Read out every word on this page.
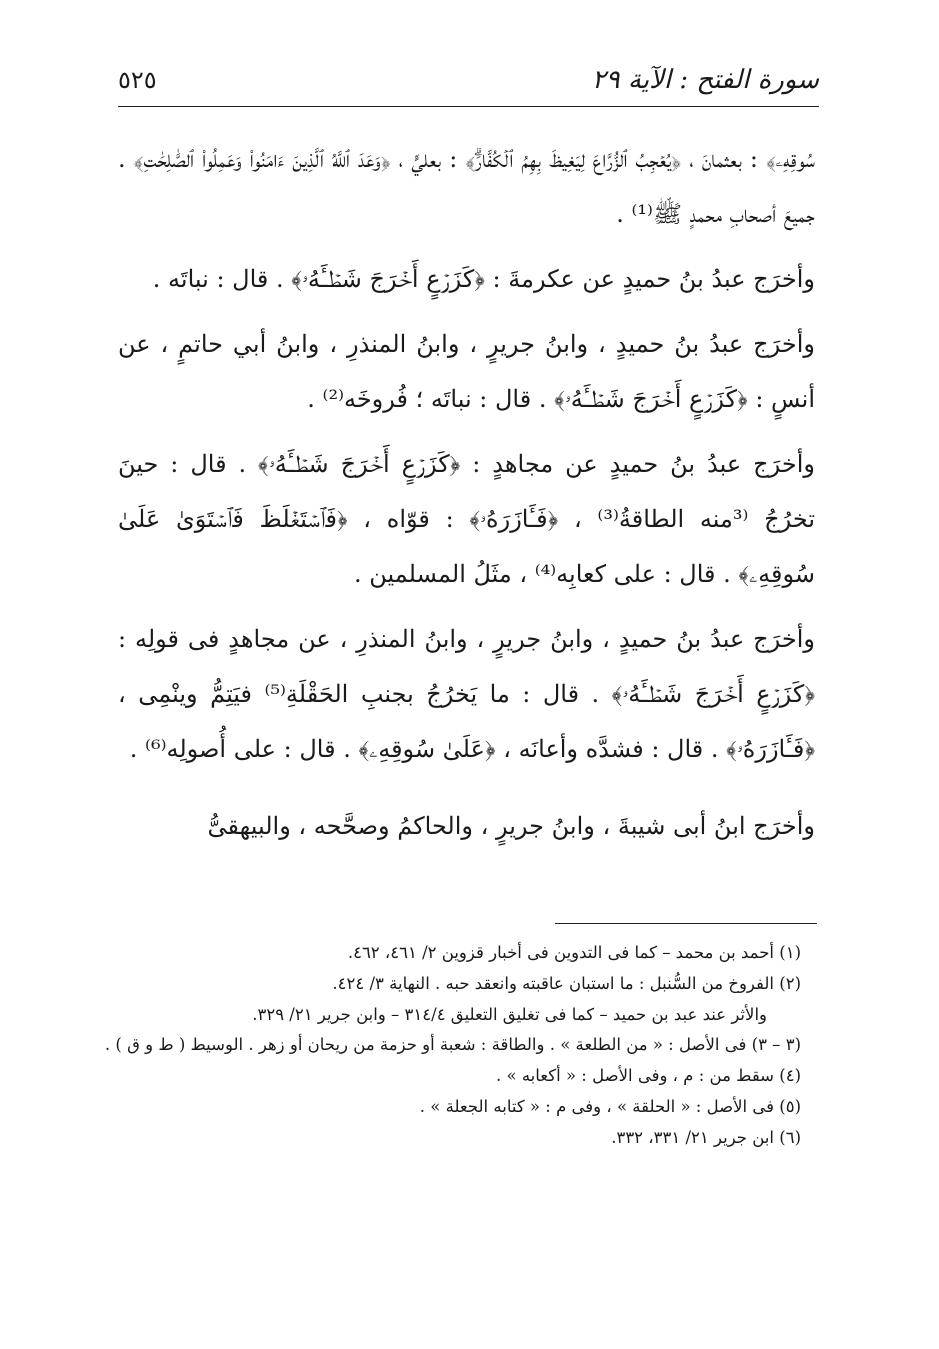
سورة الفتح : الآية ٢٩
٥٢٥

سُوقِهِۦ﴾ : بعثمانَ ، ﴿يُعۡجِبُ ٱلزُّرَّاعَ لِيَغِيظَ بِهِمُ ٱلۡكُفَّارَۗ﴾ : بعليٍّ ، ﴿وَعَدَ ٱللَّهُ ٱلَّذِينَ ءَامَنُواْ وَعَمِلُواْ ٱلصَّٰلِحَٰتِ﴾ . جميعَ أصحابِ محمدٍ ﷺ⁽¹⁾ .

وأخرَج عبدُ بنُ حميدٍ عن عكرمةَ : ﴿كَزَرۡعٍ أَخۡرَجَ شَطۡـَٔهُۥ﴾ . قال : نباتَه .

وأخرَج عبدُ بنُ حميدٍ ، وابنُ جريرٍ ، وابنُ المنذرِ ، وابنُ أبي حاتمٍ ، عن أنسٍ : ﴿كَزَرۡعٍ أَخۡرَجَ شَطۡـَٔهُۥ﴾ . قال : نباتَه ؛ فُروخَه⁽²⁾ .

وأخرَج عبدُ بنُ حميدٍ عن مجاهدٍ : ﴿كَزَرۡعٍ أَخۡرَجَ شَطۡـَٔهُۥ﴾ . قال : حينَ تخرُجُ ⁽³منه الطاقةُ⁽³⁾ ، ﴿فَـَٔازَرَهُۥ﴾ : قوّاه ، ﴿فَٱسۡتَغۡلَظَ فَٱسۡتَوَىٰ عَلَىٰ سُوقِهِۦ﴾ . قال : على كعابِه⁽⁴⁾ ، مثَلُ المسلمين .

وأخرَج عبدُ بنُ حميدٍ ، وابنُ جريرٍ ، وابنُ المنذرِ ، عن مجاهدٍ فى قولِه : ﴿كَزَرۡعٍ أَخۡرَجَ شَطۡـَٔهُۥ﴾ . قال : ما يَخرُجُ بجنبِ الحَقْلَةِ⁽⁵⁾ فيَتِمُّ وينْمِى ، ﴿فَـَٔازَرَهُۥ﴾ . قال : فشدَّه وأعانَه ، ﴿عَلَىٰ سُوقِهِۦ﴾ . قال : على أُصولِه⁽⁶⁾ .

وأخرَج ابنُ أبى شيبةَ ، وابنُ جريرٍ ، والحاكمُ وصحَّحه ، والبيهقىُّ

(١) أحمد بن محمد – كما فى التدوين فى أخبار قزوين ٢/ ٤٦١، ٤٦٢.

(٢) الفروخ من السُّنبل : ما استبان عاقبته وانعقد حبه . النهاية ٣/ ٤٢٤.

والأثر عند عبد بن حميد – كما فى تغليق التعليق ٣١٤/٤ – وابن جرير ٢١/ ٣٢٩.

(٣ – ٣) فى الأصل : « من الطلعة » . والطاقة : شعبة أو حزمة من ريحان أو زهر . الوسيط ( ط و ق ) .

(٤) سقط من : م ، وفى الأصل : « أكعابه » .

(٥) فى الأصل : « الحلقة » ، وفى م : « كتابه الجعلة » .

(٦) ابن جرير ٢١/ ٣٣١، ٣٣٢.
